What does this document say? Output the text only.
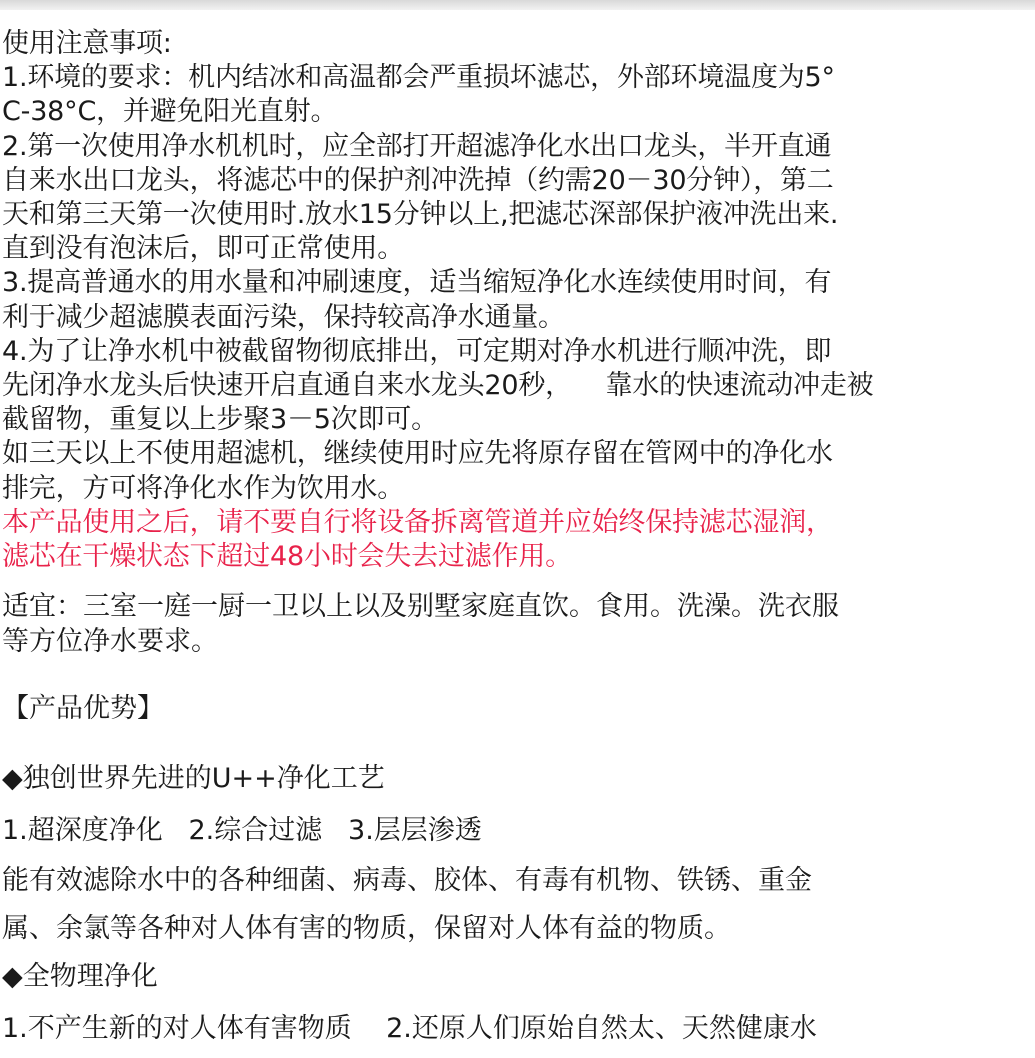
使用注意事项:
1.环境的要求：机内结冰和高温都会严重损坏滤芯，外部环境温度为5°
C-38°C，并避免阳光直射。
2.第一次使用净水机机时，应全部打开超滤净化水出口龙头，半开直通
自来水出口龙头，将滤芯中的保护剂冲洗掉（约需20－30分钟），第二
天和第三天第一次使用时.放水15分钟以上,把滤芯深部保护液冲洗出来.
直到没有泡沫后，即可正常使用。
3.提高普通水的用水量和冲刷速度，适当缩短净化水连续使用时间，有
利于减少超滤膜表面污染，保持较高净水通量。
4.为了让净水机中被截留物彻底排出，可定期对净水机进行顺冲洗，即
先闭净水龙头后快速开启直通自来水龙头20秒，    靠水的快速流动冲走被
截留物，重复以上步聚3－5次即可。
如三天以上不使用超滤机，继续使用时应先将原存留在管网中的净化水
排完，方可将净化水作为饮用水。
本产品使用之后，请不要自行将设备拆离管道并应始终保持滤芯湿润，
滤芯在干燥状态下超过48小时会失去过滤作用。
适宜：三室一庭一厨一卫以上以及别墅家庭直饮。食用。洗澡。洗衣服
等方位净水要求。
【产品优势】
◆独创世界先进的U++净化工艺
1.超深度净化   2.综合过滤   3.层层渗透
能有效滤除水中的各种细菌、病毒、胶体、有毒有机物、铁锈、重金
属、余氯等各种对人体有害的物质，保留对人体有益的物质。
◆全物理净化
1.不产生新的对人体有害物质    2.还原人们原始自然太、天然健康水
